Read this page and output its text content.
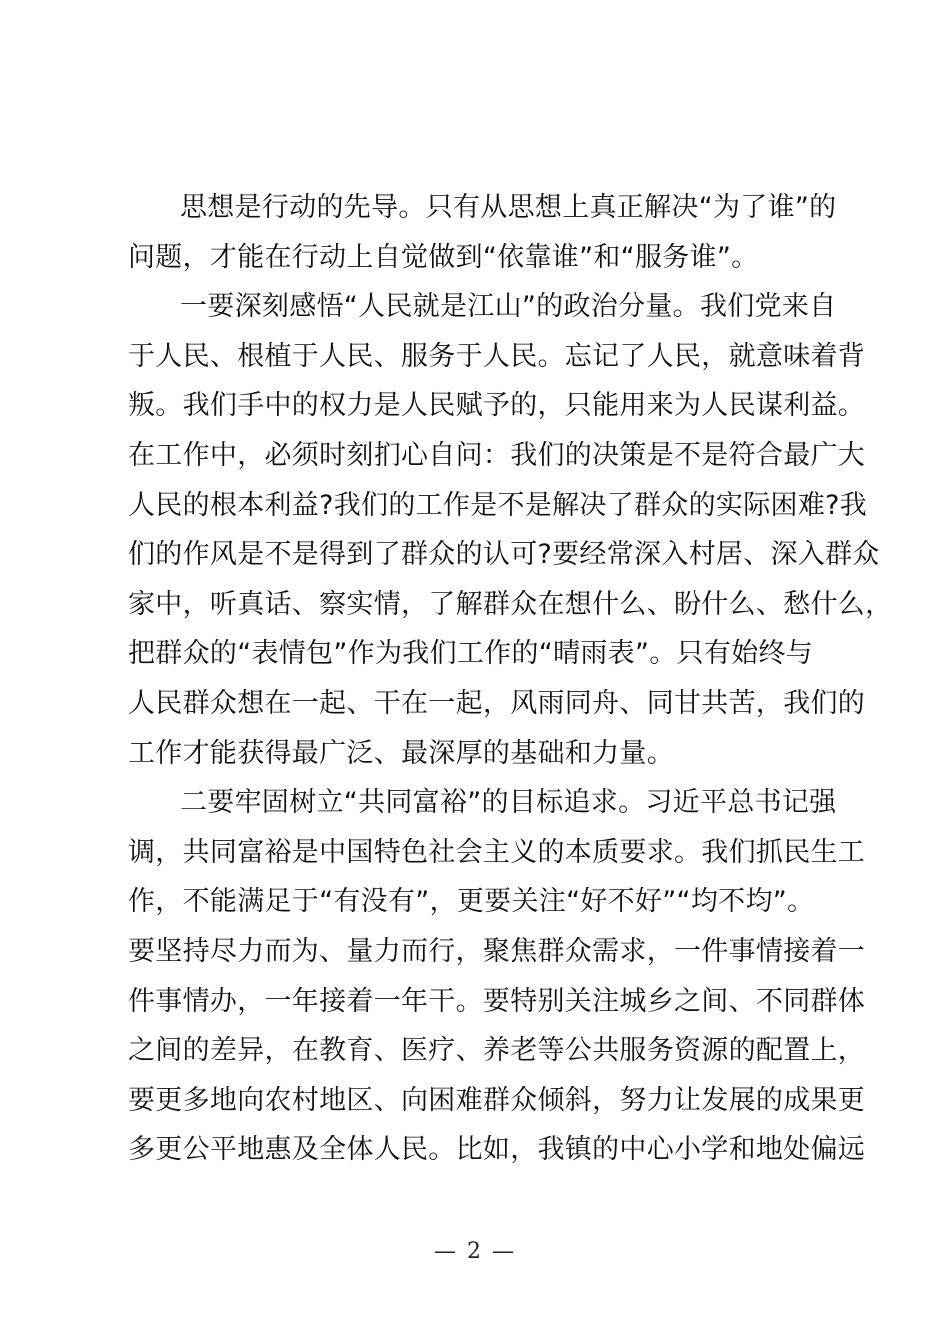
思想是行动的先导。只有从思想上真正解决“为了谁”的
问题，才能在行动上自觉做到“依靠谁”和“服务谁”。
一要深刻感悟“人民就是江山”的政治分量。我们党来自
于人民、根植于人民、服务于人民。忘记了人民，就意味着背
叛。我们手中的权力是人民赋予的，只能用来为人民谋利益。
在工作中，必须时刻扪心自问：我们的决策是不是符合最广大
人民的根本利益?我们的工作是不是解决了群众的实际困难?我
们的作风是不是得到了群众的认可?要经常深入村居、深入群众
家中，听真话、察实情，了解群众在想什么、盼什么、愁什么，
把群众的“表情包”作为我们工作的“晴雨表”。只有始终与
人民群众想在一起、干在一起，风雨同舟、同甘共苦，我们的
工作才能获得最广泛、最深厚的基础和力量。
二要牢固树立“共同富裕”的目标追求。习近平总书记强
调，共同富裕是中国特色社会主义的本质要求。我们抓民生工
作，不能满足于“有没有”，更要关注“好不好”“均不均”。
要坚持尽力而为、量力而行，聚焦群众需求，一件事情接着一
件事情办，一年接着一年干。要特别关注城乡之间、不同群体
之间的差异，在教育、医疗、养老等公共服务资源的配置上，
要更多地向农村地区、向困难群众倾斜，努力让发展的成果更
多更公平地惠及全体人民。比如，我镇的中心小学和地处偏远
— 2 —
